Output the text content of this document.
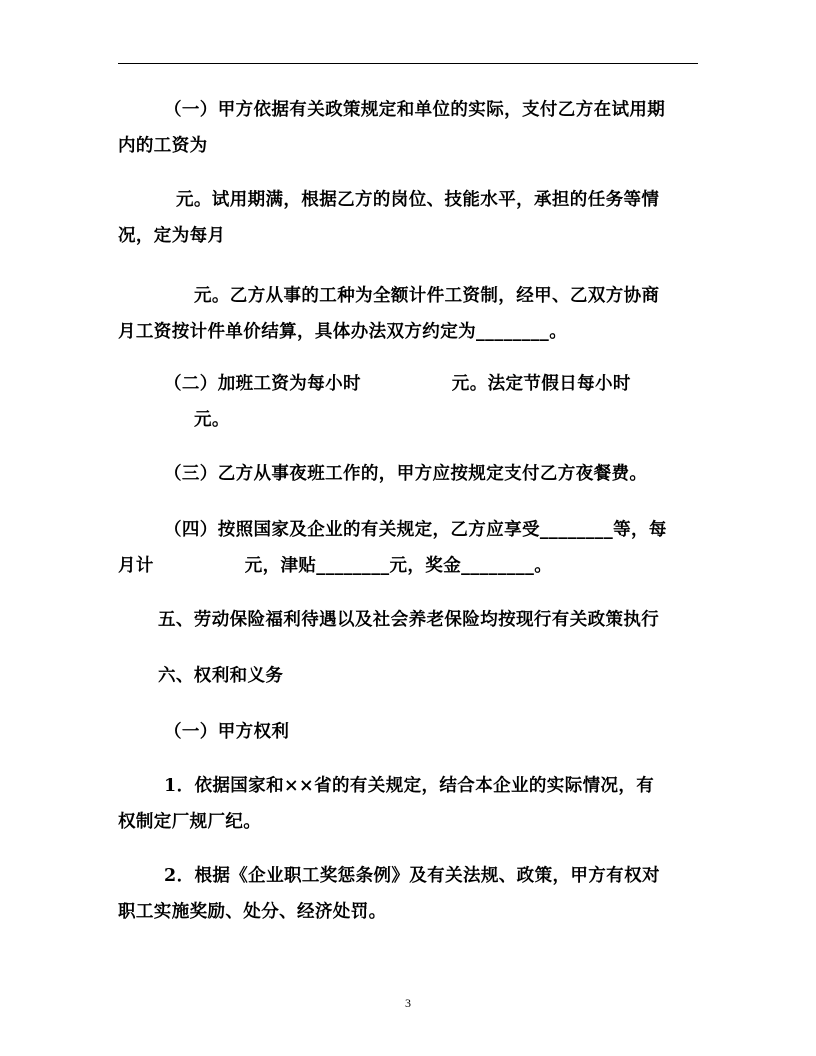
（一）甲方依据有关政策规定和单位的实际，支付乙方在试用期
内的工资为

元。试用期满，根据乙方的岗位、技能水平，承担的任务等情
况，定为每月

元。乙方从事的工种为全额计件工资制，经甲、乙双方协商
月工资按计件单价结算，具体办法双方约定为________。

（二）加班工资为每小时              元。法定节假日每小时
元。

（三）乙方从事夜班工作的，甲方应按规定支付乙方夜餐费。

（四）按照国家及企业的有关规定，乙方应享受________等，每
月计              元，津贴________元，奖金________。

五、劳动保险福利待遇以及社会养老保险均按现行有关政策执行

六、权利和义务

（一）甲方权利

1．依据国家和××省的有关规定，结合本企业的实际情况，有
权制定厂规厂纪。

2．根据《企业职工奖惩条例》及有关法规、政策，甲方有权对
职工实施奖励、处分、经济处罚。

3
